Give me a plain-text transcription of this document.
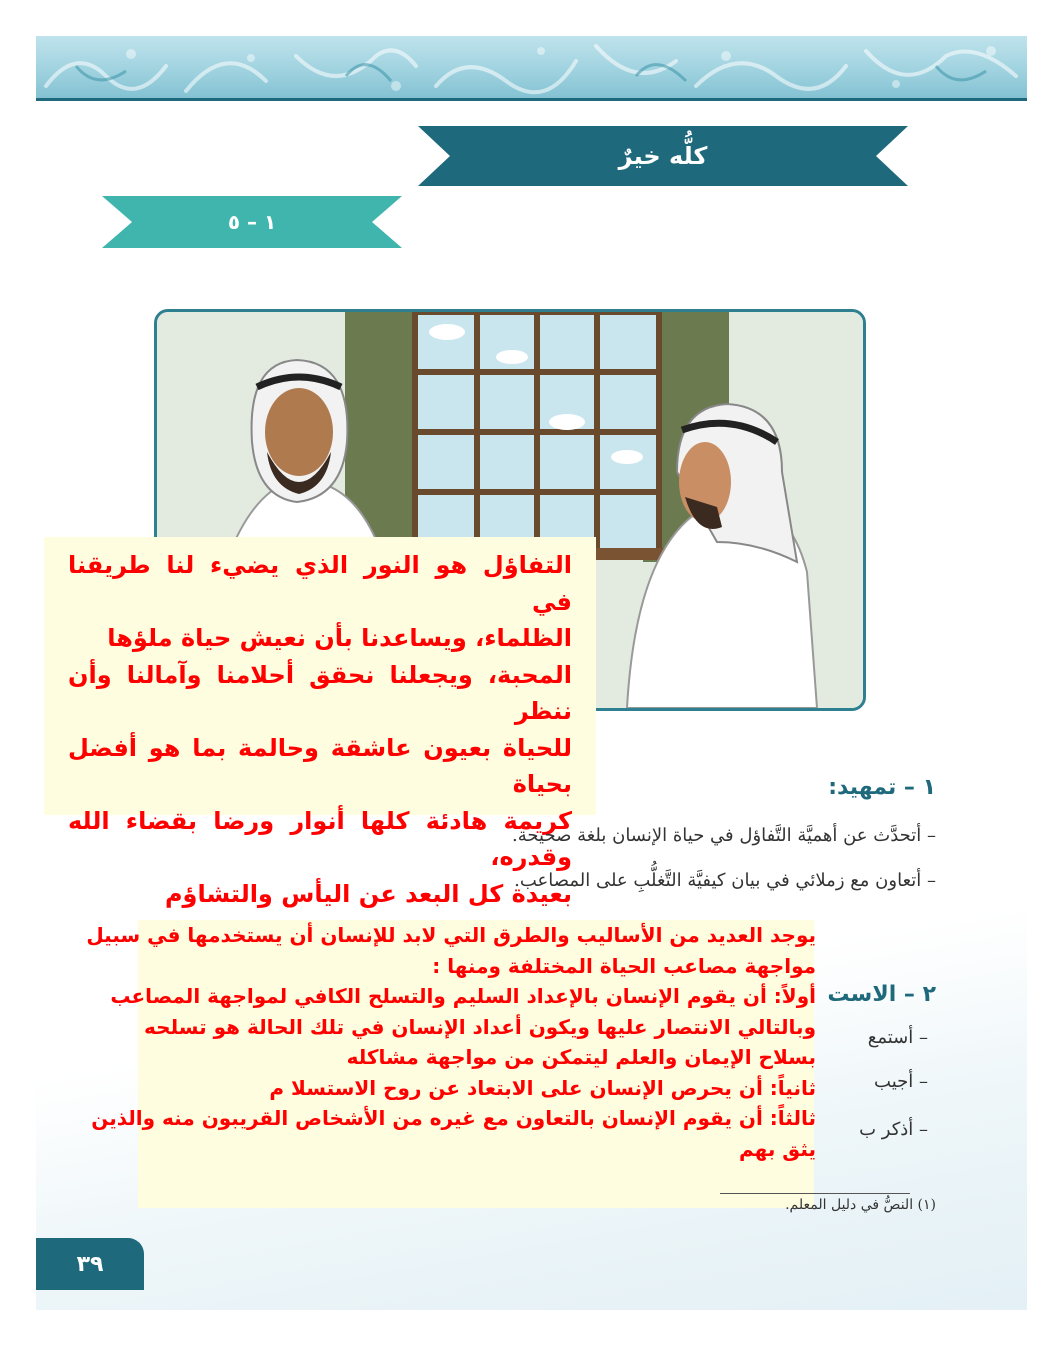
كلُّه خيرٌ
١ – ٥
التفاؤل هو النور الذي يضيء لنا طريقنا في
الظلماء، ويساعدنا بأن نعيش حياة ملؤها
المحبة، ويجعلنا نحقق أحلامنا وآمالنا وأن ننظر
للحياة بعيون عاشقة وحالمة بما هو أفضل بحياة
كريمة هادئة كلها أنوار ورضا بقضاء الله وقدره،
بعيدة كل البعد عن اليأس والتشاؤم
١ – تمهيد:
– أتحدَّث عن أهميَّة التَّفاؤل في حياة الإنسان بلغة صحيحة.
– أتعاون مع زملائي في بيان كيفيَّة التَّغلُّبِ على المصاعب.
٢ – الاست
– أستمع
– أجيب
– أذكر ب
يوجد العديد من الأساليب والطرق التي لابد للإنسان أن يستخدمها في سبيل
مواجهة مصاعب الحياة المختلفة ومنها :
أولاً: أن يقوم الإنسان بالإعداد السليم والتسلح الكافي لمواجهة المصاعب
وبالتالي الانتصار عليها ويكون أعداد الإنسان في تلك الحالة هو تسلحه
بسلاح الإيمان والعلم ليتمكن من مواجهة مشاكله
ثانياً: أن يحرص الإنسان على الابتعاد عن روح الاستسلا م
ثالثاً: أن يقوم الإنسان بالتعاون مع غيره من الأشخاص القريبون منه والذين
يثق بهم
(١) النصُّ في دليل المعلم.
٣٩
